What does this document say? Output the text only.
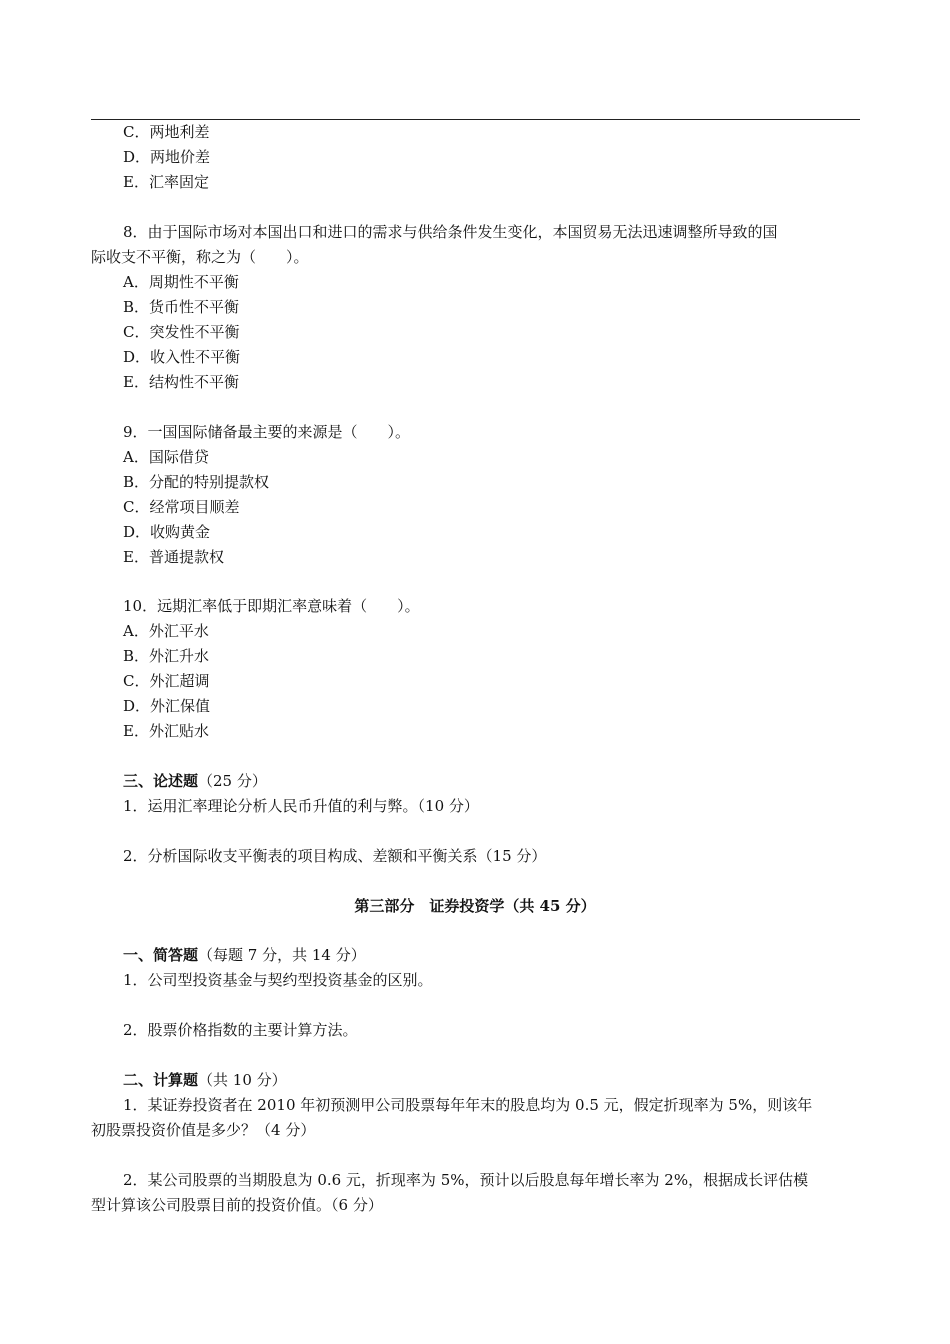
C．两地利差
D．两地价差
E．汇率固定
8．由于国际市场对本国出口和进口的需求与供给条件发生变化，本国贸易无法迅速调整所导致的国
际收支不平衡，称之为（　　）。
A．周期性不平衡
B．货币性不平衡
C．突发性不平衡
D．收入性不平衡
E．结构性不平衡
9．一国国际储备最主要的来源是（　　）。
A．国际借贷
B．分配的特别提款权
C．经常项目顺差
D．收购黄金
E．普通提款权
10．远期汇率低于即期汇率意味着（　　）。
A．外汇平水
B．外汇升水
C．外汇超调
D．外汇保值
E．外汇贴水
三、论述题（25 分）
1．运用汇率理论分析人民币升值的利与弊。（10 分）
2．分析国际收支平衡表的项目构成、差额和平衡关系（15 分）
第三部分　证券投资学（共 45 分）
一、简答题（每题 7 分，共 14 分）
1．公司型投资基金与契约型投资基金的区别。
2．股票价格指数的主要计算方法。
二、计算题（共 10 分）
1．某证券投资者在 2010 年初预测甲公司股票每年年末的股息均为 0.5 元，假定折现率为 5%，则该年
初股票投资价值是多少？（4 分）
2．某公司股票的当期股息为 0.6 元，折现率为 5%，预计以后股息每年增长率为 2%，根据成长评估模
型计算该公司股票目前的投资价值。（6 分）
